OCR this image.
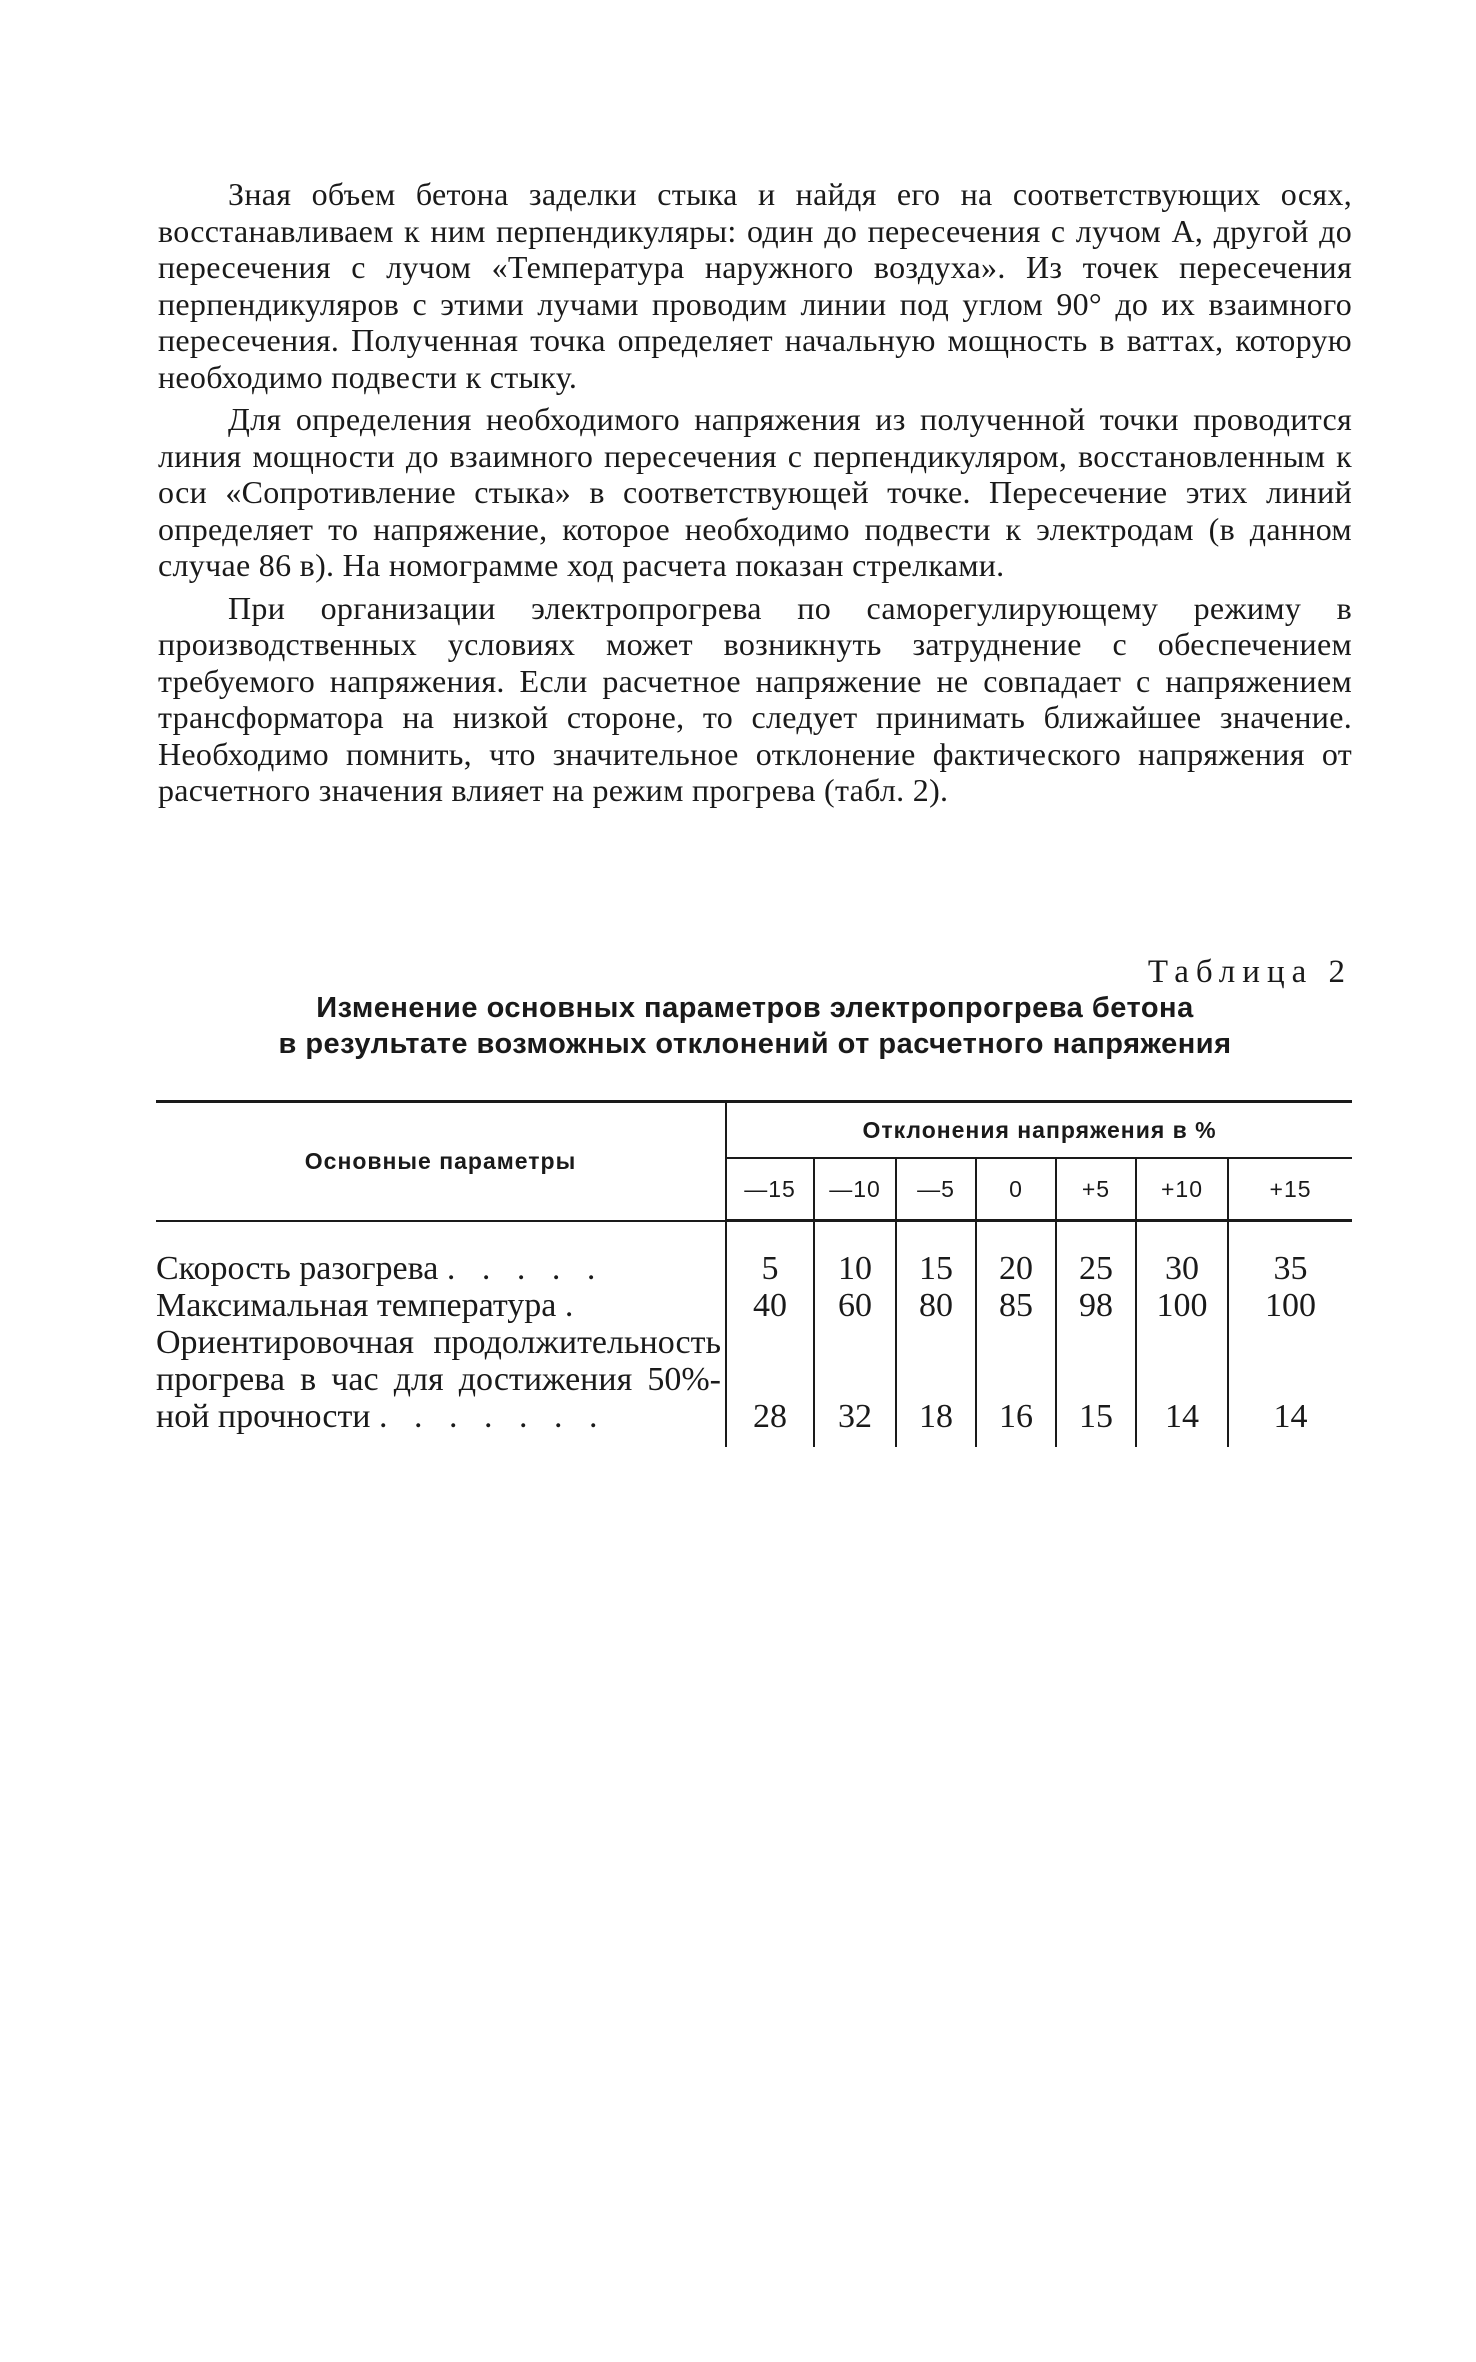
Зная объем бетона заделки стыка и найдя его на соответствующих осях, восстанавливаем к ним перпендикуляры: один до пересечения с лучом А, другой до пересечения с лучом «Температура наружного воздуха». Из точек пересечения перпендикуляров с этими лучами проводим линии под углом 90° до их взаимного пересечения. Полученная точка определяет начальную мощность в ваттах, которую необходимо подвести к стыку.

Для определения необходимого напряжения из полученной точки проводится линия мощности до взаимного пересечения с перпендикуляром, восстановленным к оси «Сопротивление стыка» в соответствующей точке. Пересечение этих линий определяет то напряжение, которое необходимо подвести к электродам (в данном случае 86 в). На номограмме ход расчета показан стрелками.

При организации электропрогрева по саморегулирующему режиму в производственных условиях может возникнуть затруднение с обеспечением требуемого напряжения. Если расчетное напряжение не совпадает с напряжением трансформатора на низкой стороне, то следует принимать ближайшее значение. Необходимо помнить, что значительное отклонение фактического напряжения от расчетного значения влияет на режим прогрева (табл. 2).

Таблица 2
Изменение основных параметров электропрогрева бетона
в результате возможных отклонений от расчетного напряжения
Основные параметры	Отклонения напряжения в %						
	—15	—10	—5	0	+5	+10	+15
Скорость разогрева . . . . .	5	10	15	20	25	30	35
Максимальная температура .	40	60	80	85	98	100	100
Ориентировочная продолжительность прогрева в час для достижения 50%-ной прочности . . . . . . .	28	32	18	16	15	14	14
